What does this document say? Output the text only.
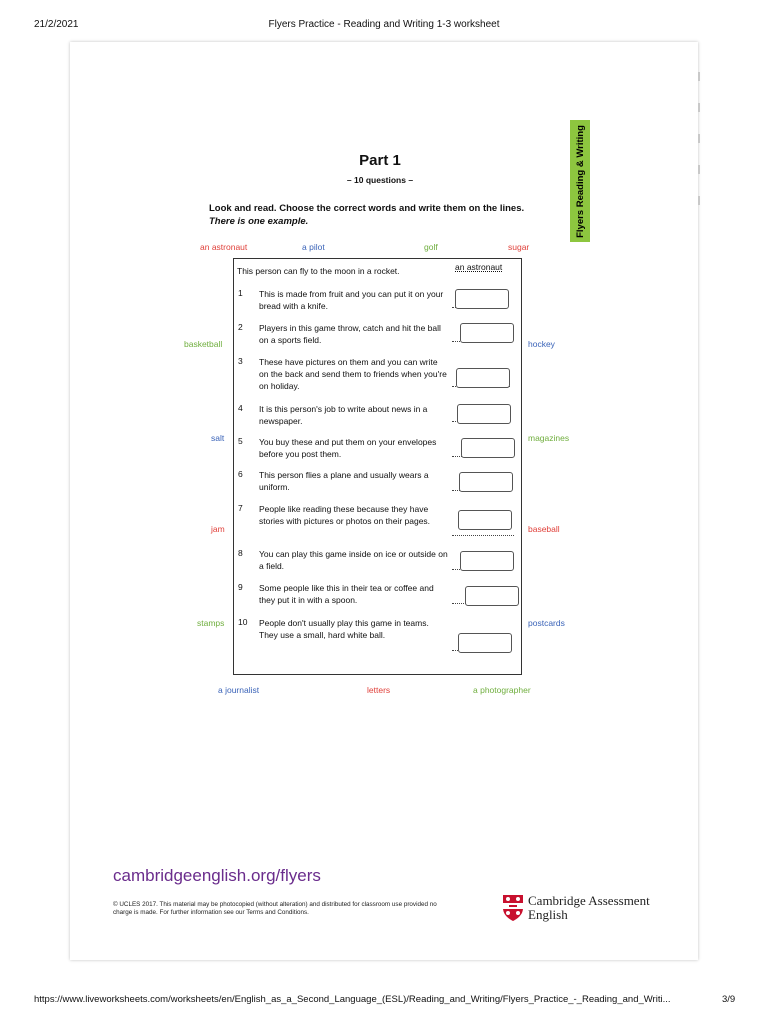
21/2/2021	Flyers Practice - Reading and Writing 1-3 worksheet
Flyers Reading & Writing
Part 1
– 10 questions –
Look and read. Choose the correct words and write them on the lines.
There is one example.
an astronaut	a pilot	golf	sugar
basketball	hockey
salt	magazines
jam	baseball
stamps	postcards
a journalist	letters	a photographer
This person can fly to the moon in a rocket.	an astronaut
1 This is made from fruit and you can put it on your bread with a knife.
2 Players in this game throw, catch and hit the ball on a sports field.
3 These have pictures on them and you can write on the back and send them to friends when you're on holiday.
4 It is this person's job to write about news in a newspaper.
5 You buy these and put them on your envelopes before you post them.
6 This person flies a plane and usually wears a uniform.
7 People like reading these because they have stories with pictures or photos on their pages.
8 You can play this game inside on ice or outside on a field.
9 Some people like this in their tea or coffee and they put it in with a spoon.
10 People don't usually play this game in teams. They use a small, hard white ball.
cambridgeenglish.org/flyers
© UCLES 2017. This material may be photocopied (without alteration) and distributed for classroom use provided no charge is made. For further information see our Terms and Conditions.
Cambridge Assessment
English
https://www.liveworksheets.com/worksheets/en/English_as_a_Second_Language_(ESL)/Reading_and_Writing/Flyers_Practice_-_Reading_and_Writi...	3/9
